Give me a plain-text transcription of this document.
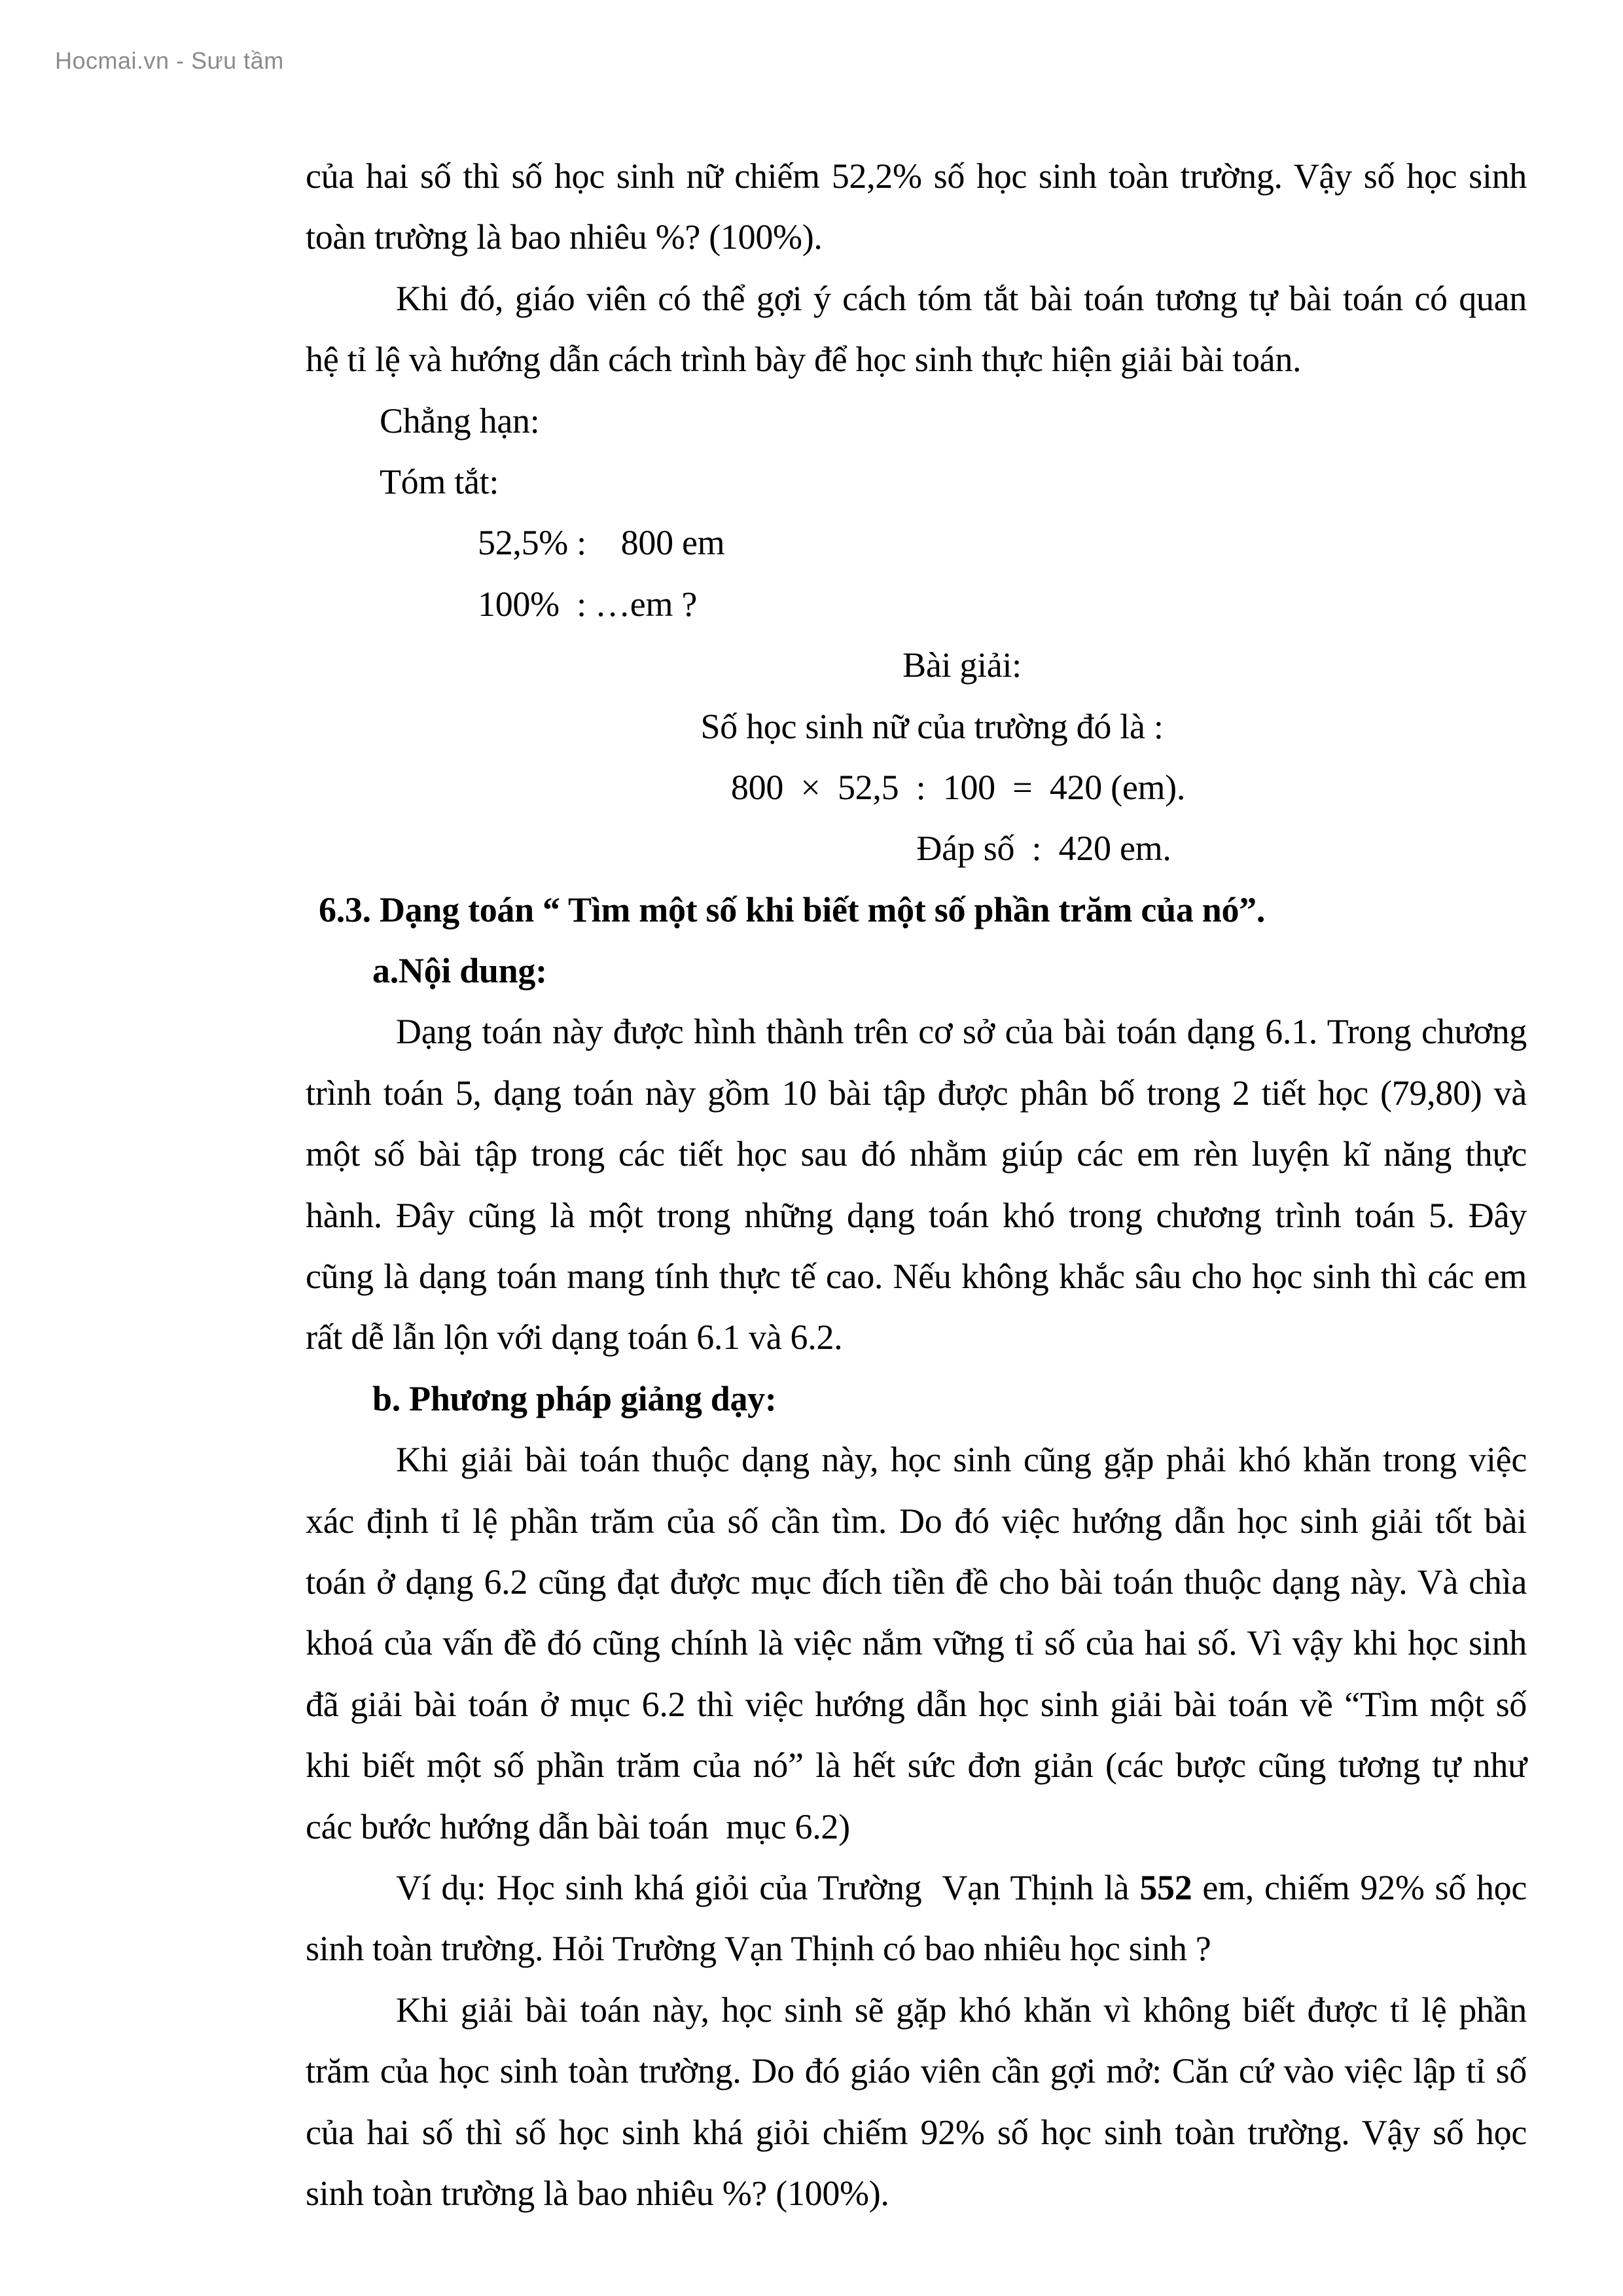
Hocmai.vn - Sưu tầm
của hai số thì số học sinh nữ chiếm 52,2% số học sinh toàn trường. Vậy số học sinh
toàn trường là bao nhiêu %? (100%).
Khi đó, giáo viên có thể gợi ý cách tóm tắt bài toán tương tự bài toán có quan
hệ tỉ lệ và hướng dẫn cách trình bày để học sinh thực hiện giải bài toán.
Chẳng hạn:
Tóm tắt:
52,5% :    800 em
100%  : …em ?
Bài giải:
Số học sinh nữ của trường đó là :
800  ×  52,5  :  100  =  420 (em).
Đáp số  :  420 em.
6.3. Dạng toán “ Tìm một số khi biết một số phần trăm của nó”.
a.Nội dung:
Dạng toán này được hình thành trên cơ sở của bài toán dạng 6.1. Trong chương
trình toán 5, dạng toán này gồm 10 bài tập được phân bố trong 2 tiết học (79,80) và
một số bài tập trong các tiết học sau đó nhằm giúp các em rèn luyện kĩ năng thực
hành. Đây cũng là một trong những dạng toán khó trong chương trình toán 5. Đây
cũng là dạng toán mang tính thực tế cao. Nếu không khắc sâu cho học sinh thì các em
rất dễ lẫn lộn với dạng toán 6.1 và 6.2.
b. Phương pháp giảng dạy:
Khi giải bài toán thuộc dạng này, học sinh cũng gặp phải khó khăn trong việc
xác định tỉ lệ phần trăm của số cần tìm. Do đó việc hướng dẫn học sinh giải tốt bài
toán ở dạng 6.2 cũng đạt được mục đích tiền đề cho bài toán thuộc dạng này. Và chìa
khoá của vấn đề đó cũng chính là việc nắm vững tỉ số của hai số. Vì vậy khi học sinh
đã giải bài toán ở mục 6.2 thì việc hướng dẫn học sinh giải bài toán về “Tìm một số
khi biết một số phần trăm của nó” là hết sức đơn giản (các bược cũng tương tự như
các bước hướng dẫn bài toán  mục 6.2)
Ví dụ: Học sinh khá giỏi của Trường  Vạn Thịnh là 552 em, chiếm 92% số học
sinh toàn trường. Hỏi Trường Vạn Thịnh có bao nhiêu học sinh ?
Khi giải bài toán này, học sinh sẽ gặp khó khăn vì không biết được tỉ lệ phần
trăm của học sinh toàn trường. Do đó giáo viên cần gợi mở: Căn cứ vào việc lập tỉ số
của hai số thì số học sinh khá giỏi chiếm 92% số học sinh toàn trường. Vậy số học
sinh toàn trường là bao nhiêu %? (100%).
